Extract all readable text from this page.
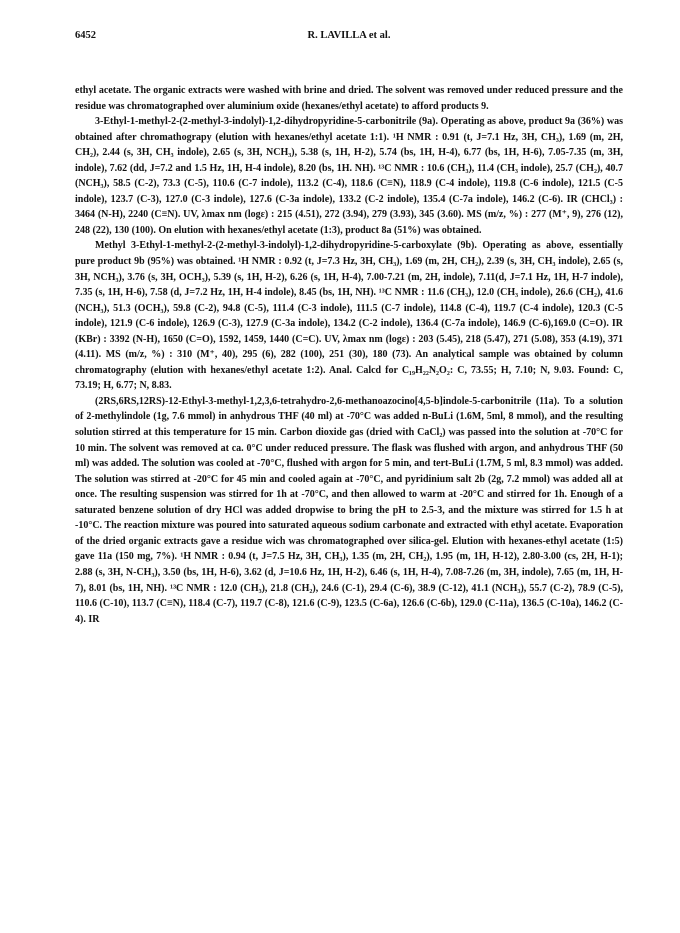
6452	R. LAVILLA et al.

ethyl acetate. The organic extracts were washed with brine and dried. The solvent was removed under reduced pressure and the residue was chromatographed over aluminium oxide (hexanes/ethyl acetate) to afford products 9.

3-Ethyl-1-methyl-2-(2-methyl-3-indolyl)-1,2-dihydropyridine-5-carbonitrile (9a). Operating as above, product 9a (36%) was obtained after chromathograpy (elution with hexanes/ethyl acetate 1:1). ¹H NMR : 0.91 (t, J=7.1 Hz, 3H, CH₃), 1.69 (m, 2H, CH₂), 2.44 (s, 3H, CH₃ indole), 2.65 (s, 3H, NCH₃), 5.38 (s, 1H, H-2), 5.74 (bs, 1H, H-4), 6.77 (bs, 1H, H-6), 7.05-7.35 (m, 3H, indole), 7.62 (dd, J=7.2 and 1.5 Hz, 1H, H-4 indole), 8.20 (bs, 1H. NH). ¹³C NMR : 10.6 (CH₃), 11.4 (CH₃ indole), 25.7 (CH₂), 40.7 (NCH₃), 58.5 (C-2), 73.3 (C-5), 110.6 (C-7 indole), 113.2 (C-4), 118.6 (C≡N), 118.9 (C-4 indole), 119.8 (C-6 indole), 121.5 (C-5 indole), 123.7 (C-3), 127.0 (C-3 indole), 127.6 (C-3a indole), 133.2 (C-2 indole), 135.4 (C-7a indole), 146.2 (C-6). IR (CHCl₃) : 3464 (N-H), 2240 (C≡N). UV, λmax nm (logε) : 215 (4.51), 272 (3.94), 279 (3.93), 345 (3.60). MS (m/z, %) : 277 (M⁺, 9), 276 (12), 248 (22), 130 (100). On elution with hexanes/ethyl acetate (1:3), product 8a (51%) was obtained.

Methyl 3-Ethyl-1-methyl-2-(2-methyl-3-indolyl)-1,2-dihydropyridine-5-carboxylate (9b). Operating as above, essentially pure product 9b (95%) was obtained. ¹H NMR : 0.92 (t, J=7.3 Hz, 3H, CH₃), 1.69 (m, 2H, CH₂), 2.39 (s, 3H, CH₃ indole), 2.65 (s, 3H, NCH₃), 3.76 (s, 3H, OCH₃), 5.39 (s, 1H, H-2), 6.26 (s, 1H, H-4), 7.00-7.21 (m, 2H, indole), 7.11(d, J=7.1 Hz, 1H, H-7 indole), 7.35 (s, 1H, H-6), 7.58 (d, J=7.2 Hz, 1H, H-4 indole), 8.45 (bs, 1H, NH). ¹³C NMR : 11.6 (CH₃), 12.0 (CH₃ indole), 26.6 (CH₂), 41.6 (NCH₃), 51.3 (OCH₃), 59.8 (C-2), 94.8 (C-5), 111.4 (C-3 indole), 111.5 (C-7 indole), 114.8 (C-4), 119.7 (C-4 indole), 120.3 (C-5 indole), 121.9 (C-6 indole), 126.9 (C-3), 127.9 (C-3a indole), 134.2 (C-2 indole), 136.4 (C-7a indole), 146.9 (C-6),169.0 (C=O). IR (KBr) : 3392 (N-H), 1650 (C=O), 1592, 1459, 1440 (C=C). UV, λmax nm (logε) : 203 (5.45), 218 (5.47), 271 (5.08), 353 (4.19), 371 (4.11). MS (m/z, %) : 310 (M⁺, 40), 295 (6), 282 (100), 251 (30), 180 (73). An analytical sample was obtained by column chromatography (elution with hexanes/ethyl acetate 1:2). Anal. Calcd for C₁₉H₂₂N₂O₂: C, 73.55; H, 7.10; N, 9.03. Found: C, 73.19; H, 6.77; N, 8.83.

(2RS,6RS,12RS)-12-Ethyl-3-methyl-1,2,3,6-tetrahydro-2,6-methanoazocino[4,5-b]indole-5-carbonitrile (11a). To a solution of 2-methylindole (1g, 7.6 mmol) in anhydrous THF (40 ml) at -70°C was added n-BuLi (1.6M, 5ml, 8 mmol), and the resulting solution stirred at this temperature for 15 min. Carbon dioxide gas (dried with CaCl₂) was passed into the solution at -70°C for 10 min. The solvent was removed at ca. 0°C under reduced pressure. The flask was flushed with argon, and anhydrous THF (50 ml) was added. The solution was cooled at -70°C, flushed with argon for 5 min, and tert-BuLi (1.7M, 5 ml, 8.3 mmol) was added. The solution was stirred at -20°C for 45 min and cooled again at -70°C, and pyridinium salt 2b (2g, 7.2 mmol) was added all at once. The resulting suspension was stirred for 1h at -70°C, and then allowed to warm at -20°C and stirred for 1h. Enough of a saturated benzene solution of dry HCl was added dropwise to bring the pH to 2.5-3, and the mixture was stirred for 1.5 h at -10°C. The reaction mixture was poured into saturated aqueous sodium carbonate and extracted with ethyl acetate. Evaporation of the dried organic extracts gave a residue wich was chromatographed over silica-gel. Elution with hexanes-ethyl acetate (1:5) gave 11a (150 mg, 7%). ¹H NMR : 0.94 (t, J=7.5 Hz, 3H, CH₃), 1.35 (m, 2H, CH₂), 1.95 (m, 1H, H-12), 2.80-3.00 (cs, 2H, H-1); 2.88 (s, 3H, N-CH₃), 3.50 (bs, 1H, H-6), 3.62 (d, J=10.6 Hz, 1H, H-2), 6.46 (s, 1H, H-4), 7.08-7.26 (m, 3H, indole), 7.65 (m, 1H, H-7), 8.01 (bs, 1H, NH). ¹³C NMR : 12.0 (CH₃), 21.8 (CH₂), 24.6 (C-1), 29.4 (C-6), 38.9 (C-12), 41.1 (NCH₃), 55.7 (C-2), 78.9 (C-5), 110.6 (C-10), 113.7 (C≡N), 118.4 (C-7), 119.7 (C-8), 121.6 (C-9), 123.5 (C-6a), 126.6 (C-6b), 129.0 (C-11a), 136.5 (C-10a), 146.2 (C-4). IR
